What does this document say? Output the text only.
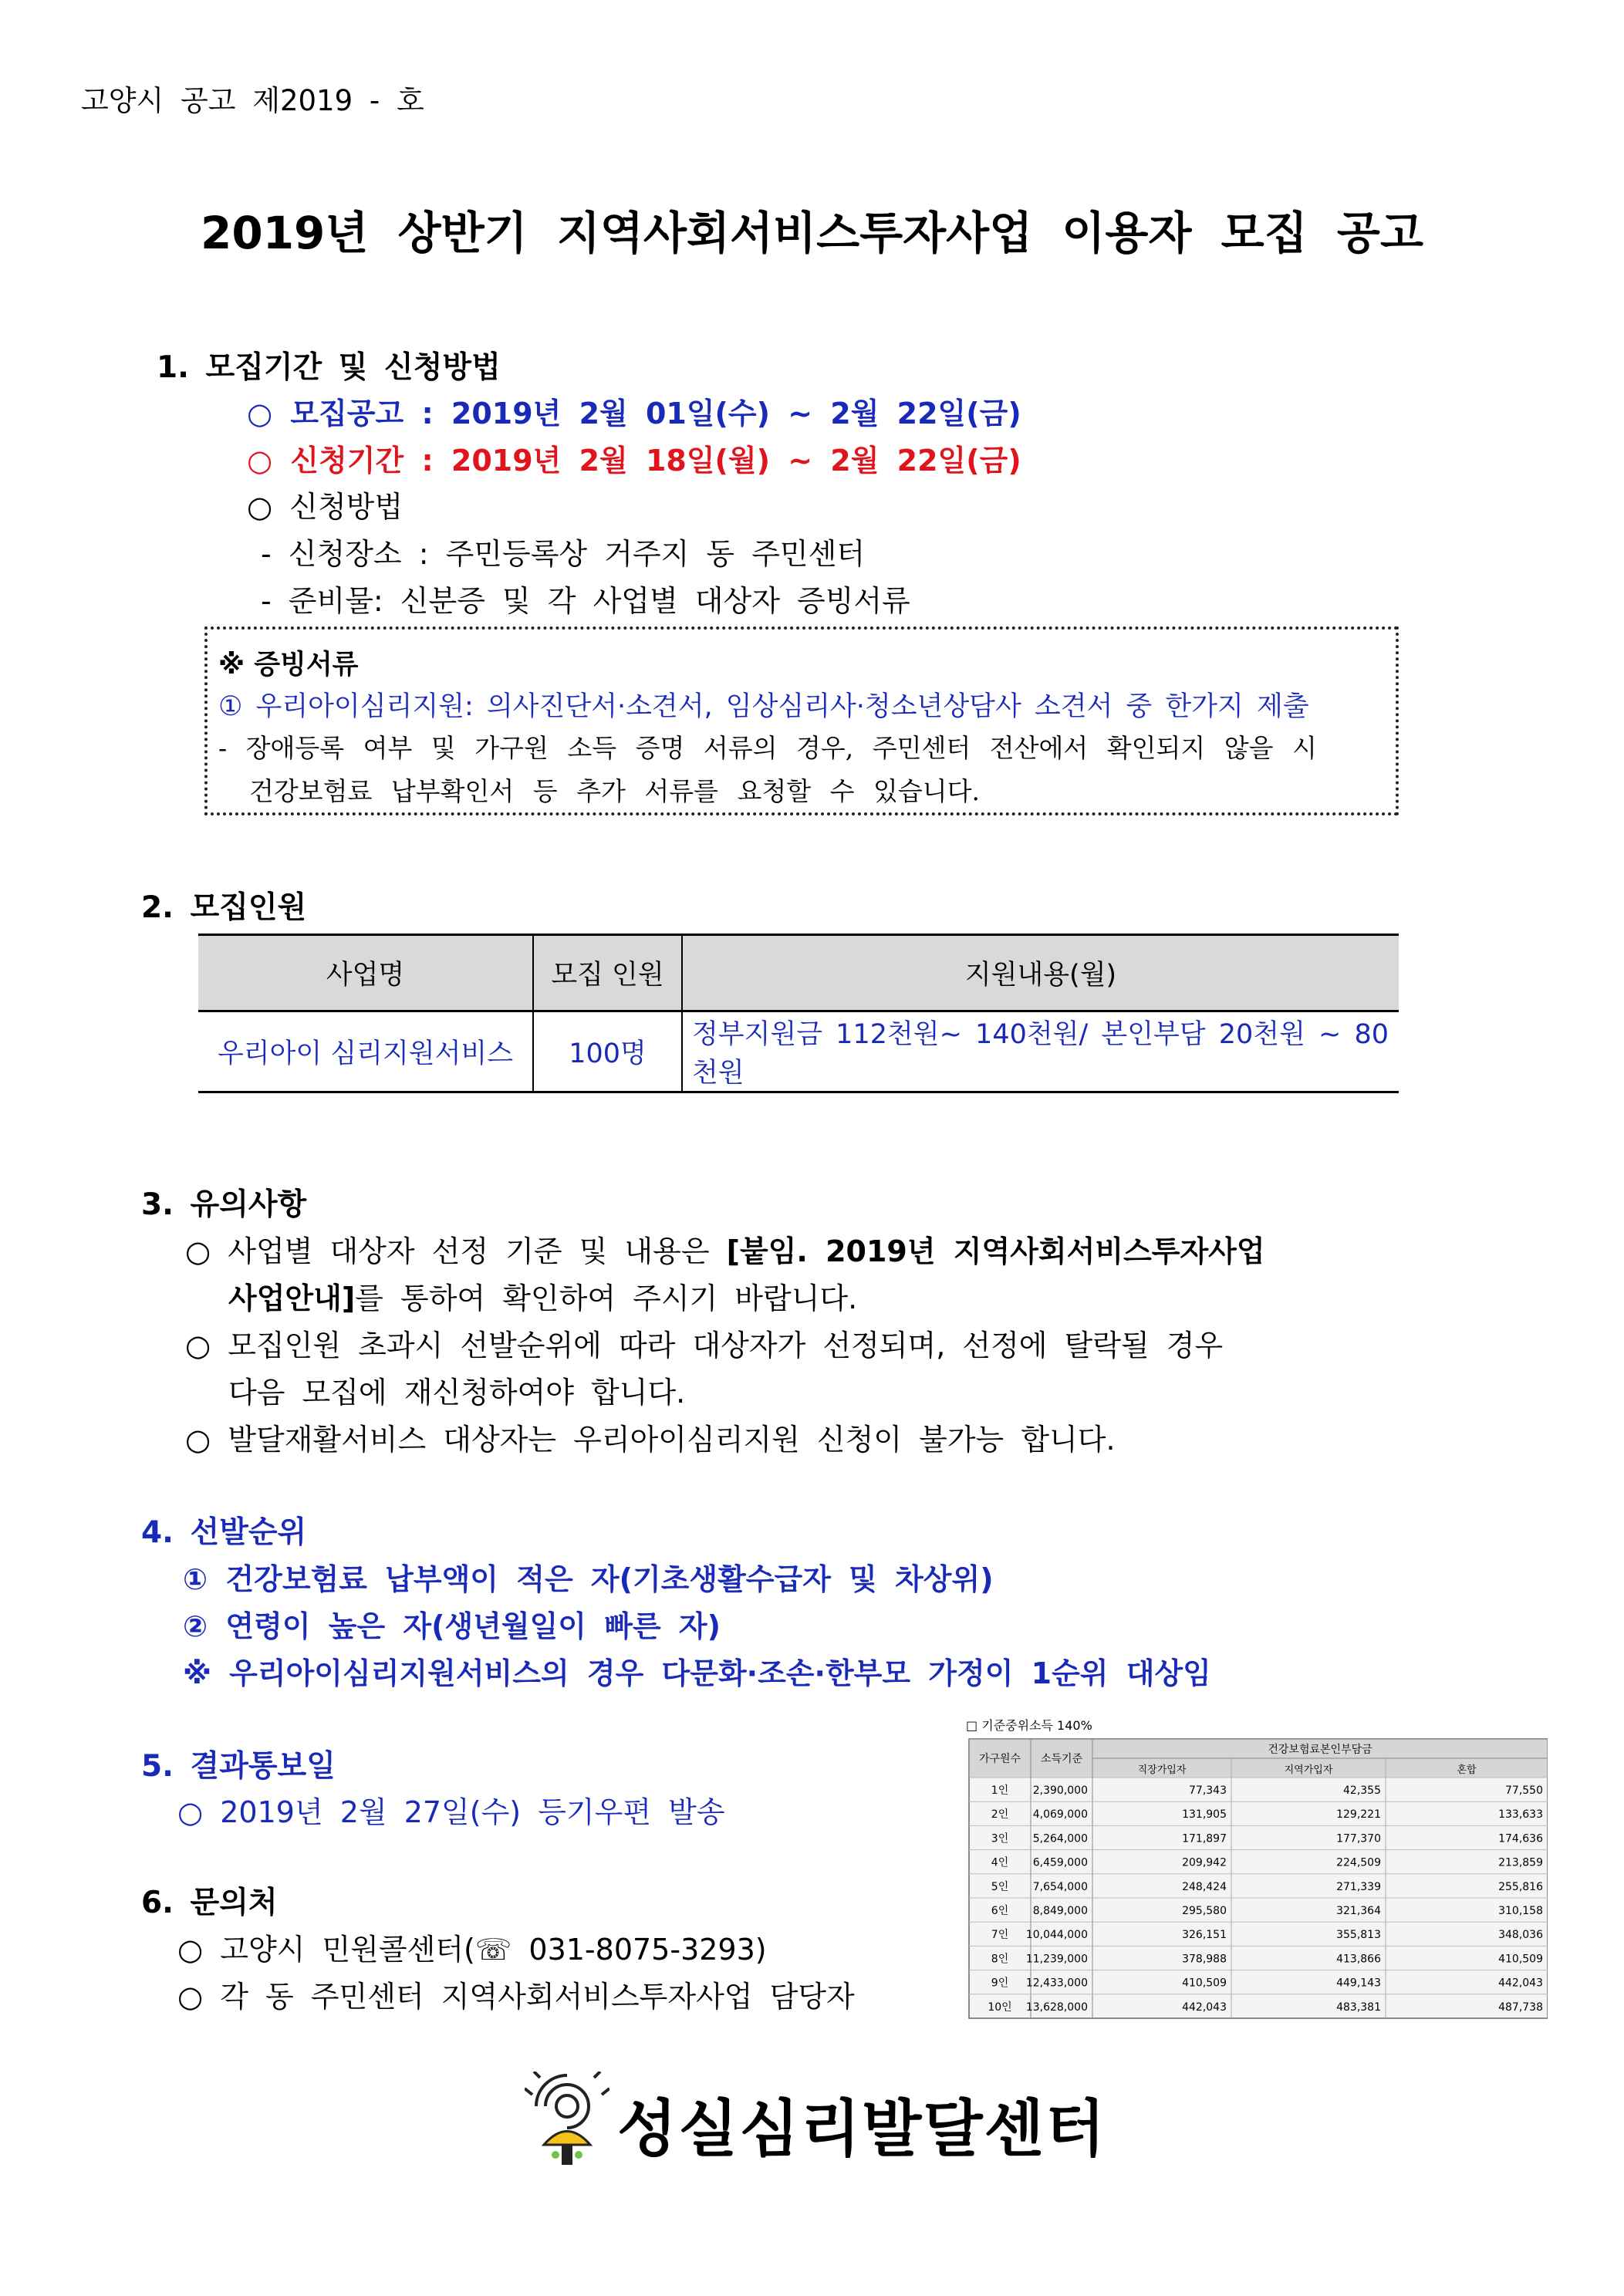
고양시 공고 제2019 - 호
2019년 상반기 지역사회서비스투자사업 이용자 모집 공고
1. 모집기간 및 신청방법
○ 모집공고 : 2019년 2월 01일(수) ~ 2월 22일(금)
○ 신청기간 : 2019년 2월 18일(월) ~ 2월 22일(금)
○ 신청방법
- 신청장소 : 주민등록상 거주지 동 주민센터
- 준비물: 신분증 및 각 사업별 대상자 증빙서류
※ 증빙서류
① 우리아이심리지원: 의사진단서·소견서, 임상심리사·청소년상담사 소견서 중 한가지 제출
- 장애등록 여부 및 가구원 소득 증명 서류의 경우, 주민센터 전산에서 확인되지 않을 시
건강보험료 납부확인서 등 추가 서류를 요청할 수 있습니다.
2. 모집인원
사업명	모집 인원	지원내용(월)
우리아이 심리지원서비스	100명	정부지원금 112천원~ 140천원/ 본인부담 20천원 ~ 80천원
3. 유의사항
○ 사업별 대상자 선정 기준 및 내용은 [붙임. 2019년 지역사회서비스투자사업
사업안내]를 통하여 확인하여 주시기 바랍니다.
○ 모집인원 초과시 선발순위에 따라 대상자가 선정되며, 선정에 탈락될 경우
다음 모집에 재신청하여야 합니다.
○ 발달재활서비스 대상자는 우리아이심리지원 신청이 불가능 합니다.
4. 선발순위
① 건강보험료 납부액이 적은 자(기초생활수급자 및 차상위)
② 연령이 높은 자(생년월일이 빠른 자)
※ 우리아이심리지원서비스의 경우 다문화·조손·한부모 가정이 1순위 대상임
5. 결과통보일
○ 2019년 2월 27일(수) 등기우편 발송
6. 문의처
○ 고양시 민원콜센터(☏ 031-8075-3293)
○ 각 동 주민센터 지역사회서비스투자사업 담당자
□ 기준중위소득 140%
가구원수 소득기준
건강보험료본인부담금
직장가입자	지역가입자	혼합
1인 2,390,000	77,343	42,355	77,550
2인 4,069,000	131,905	129,221	133,633
3인 5,264,000	171,897	177,370	174,636
4인 6,459,000	209,942	224,509	213,859
5인 7,654,000	248,424	271,339	255,816
6인 8,849,000	295,580	321,364	310,158
7인 10,044,000	326,151	355,813	348,036
8인 11,239,000	378,988	413,866	410,509
9인 12,433,000	410,509	449,143	442,043
10인 13,628,000	442,043	483,381	487,738
성실심리발달센터
